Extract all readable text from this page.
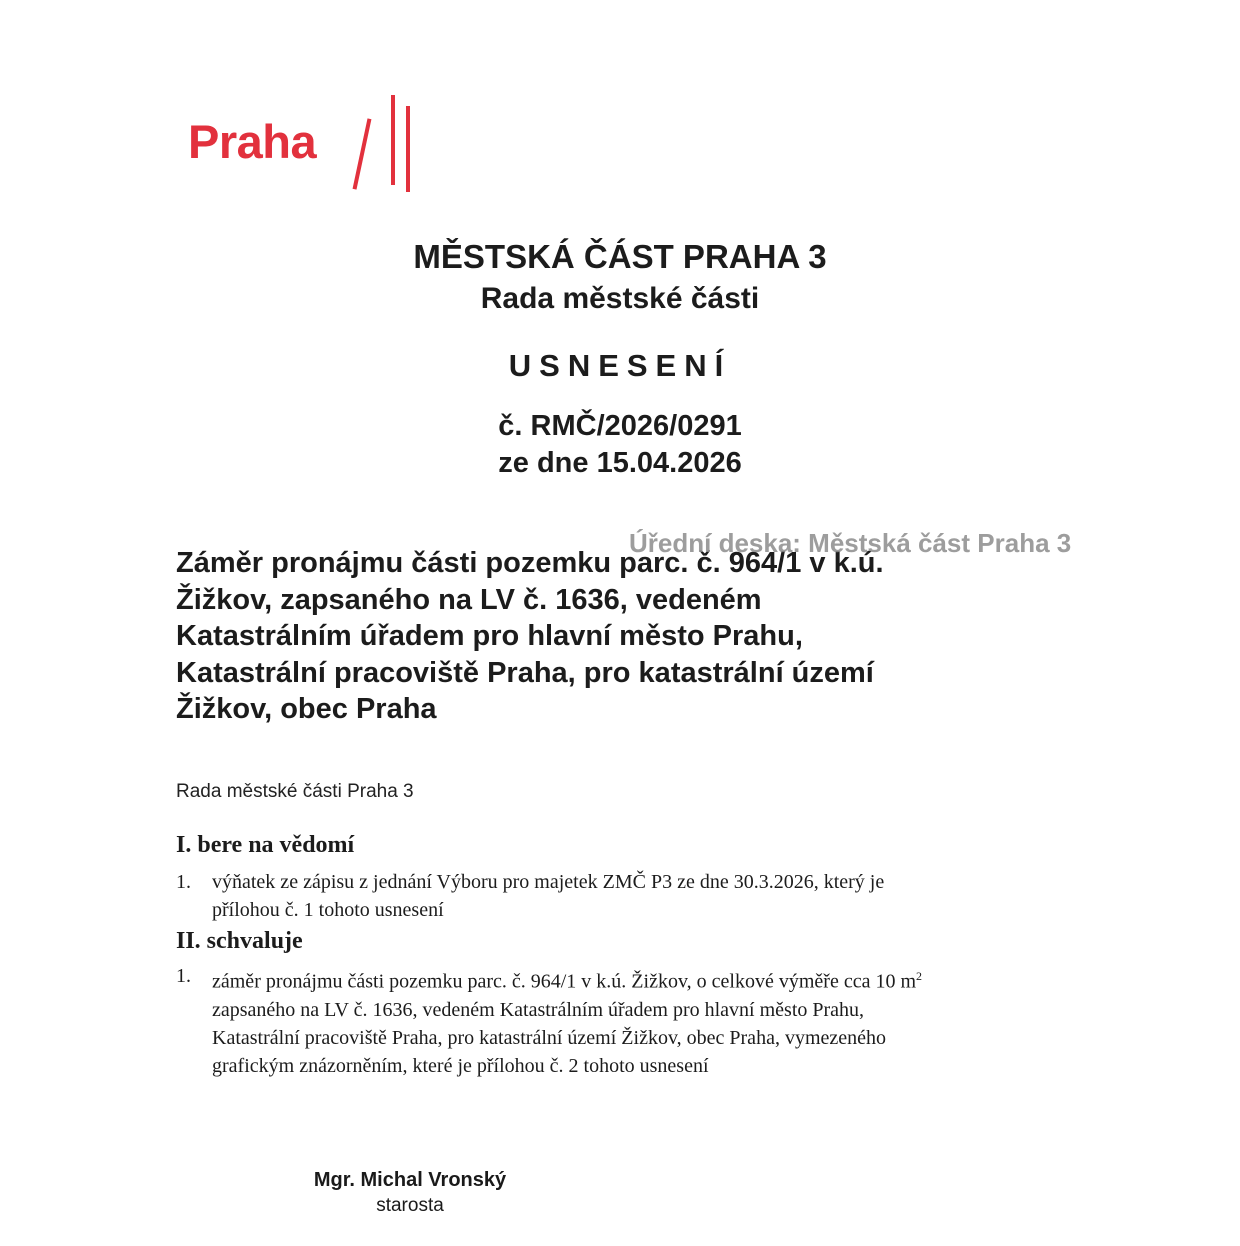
Praha
MĚSTSKÁ ČÁST PRAHA 3
Rada městské části
USNESENÍ
č. RMČ/2026/0291
ze dne 15.04.2026
Záměr pronájmu části pozemku parc. č. 964/1 v k.ú.
Žižkov, zapsaného na LV č. 1636, vedeném
Katastrálním úřadem pro hlavní město Prahu,
Katastrální pracoviště Praha, pro katastrální území
Žižkov, obec Praha
Úřední deska: Městská část Praha 3
Rada městské části Praha 3
I. bere na vědomí
1.	výňatek ze zápisu z jednání Výboru pro majetek ZMČ P3 ze dne 30.3.2026, který je
přílohou č. 1 tohoto usnesení
II. schvaluje
1.	záměr pronájmu části pozemku parc. č. 964/1 v k.ú. Žižkov, o celkové výměře cca 10 $m^2$
zapsaného na LV č. 1636, vedeném Katastrálním úřadem pro hlavní město Prahu,
Katastrální pracoviště Praha, pro katastrální území Žižkov, obec Praha, vymezeného
grafickým znázorněním, které je přílohou č. 2 tohoto usnesení
Mgr. Michal Vronský
starosta
